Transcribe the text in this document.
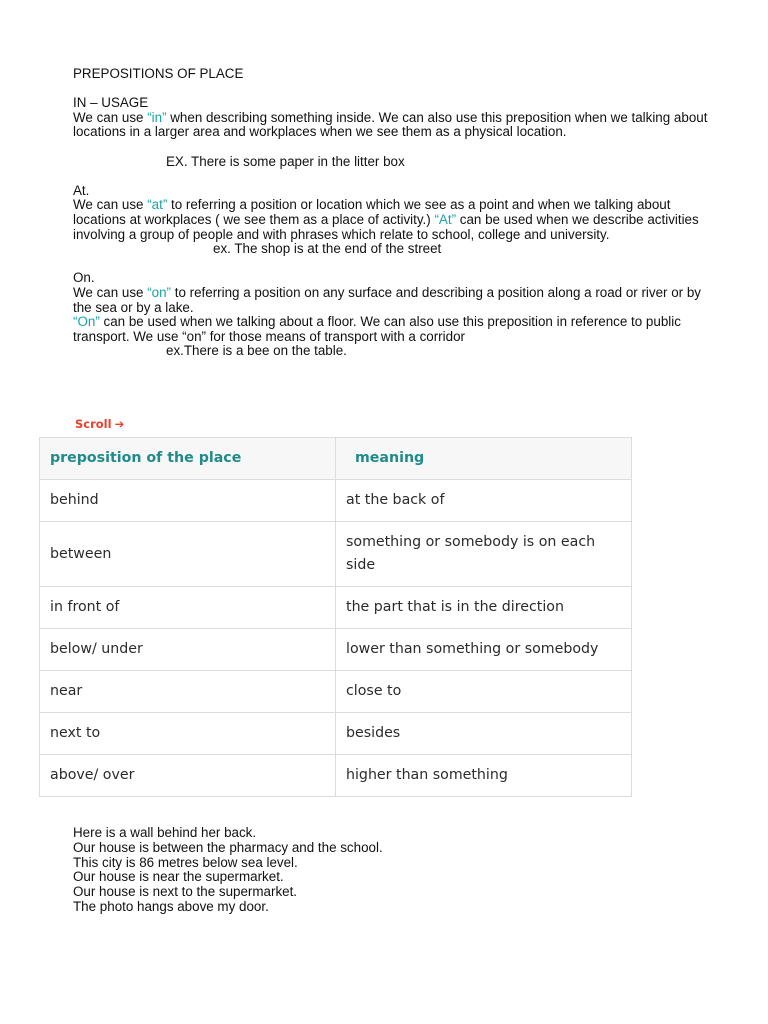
PREPOSITIONS OF PLACE

IN – USAGE

We can use “in” when describing something inside. We can also use this preposition when we talking about locations in a larger area and workplaces when we see them as a physical location.

EX. There is some paper in the litter box

At.

We can use “at” to referring a position or location which we see as a point and when we talking about locations at workplaces ( we see them as a place of activity.) “At” can be used when we describe activities involving a group of people and with phrases which relate to school, college and university.

ex. The shop is at the end of the street

On.

We can use “on” to referring a position on any surface and describing a position along a road or river or by the sea or by a lake.

“On” can be used when we talking about a floor. We can also use this preposition in reference to public transport. We use “on” for those means of transport with a corridor

ex.There is a bee on the table.

Scroll ➔
preposition of the place	meaning
behind	at the back of
between	something or somebody is on each side
in front of	the part that is in the direction
below/ under	lower than something or somebody
near	close to
next to	besides
above/ over	higher than something

Here is a wall behind her back.

Our house is between the pharmacy and the school.

This city is 86 metres below sea level.

Our house is near the supermarket.

Our house is next to the supermarket.

The photo hangs above my door.
